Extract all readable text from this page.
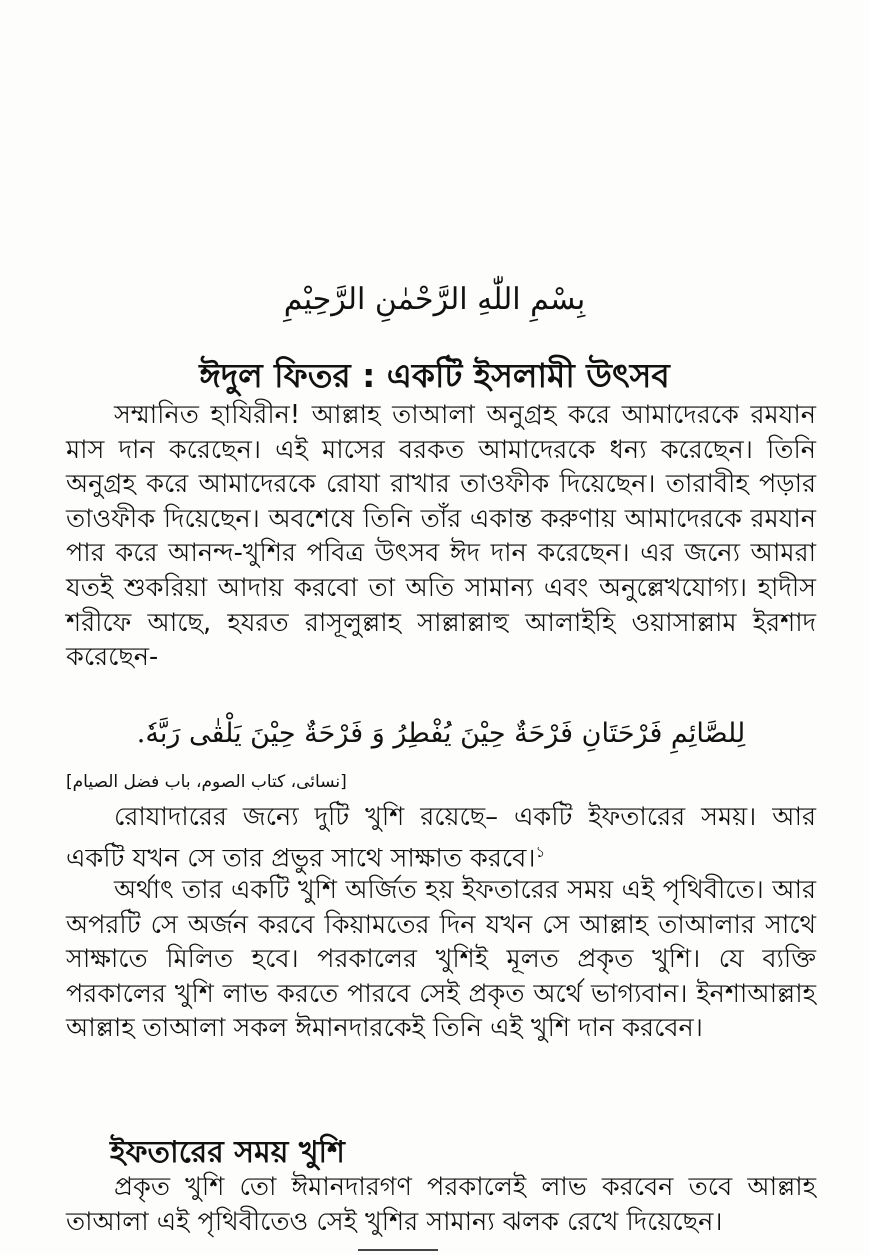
بِسْمِ اللّٰهِ الرَّحْمٰنِ الرَّحِيْمِ
ঈদুল ফিতর : একটি ইসলামী উৎসব

সম্মানিত হাযিরীন! আল্লাহ তাআলা অনুগ্রহ করে আমাদেরকে রমযান মাস দান করেছেন। এই মাসের বরকত আমাদেরকে ধন্য করেছেন। তিনি অনুগ্রহ করে আমাদেরকে রোযা রাখার তাওফীক দিয়েছেন। তারাবীহ পড়ার তাওফীক দিয়েছেন। অবশেষে তিনি তাঁর একান্ত করুণায় আমাদেরকে রমযান পার করে আনন্দ-খুশির পবিত্র উৎসব ঈদ দান করেছেন। এর জন্যে আমরা যতই শুকরিয়া আদায় করবো তা অতি সামান্য এবং অনুল্লেখযোগ্য। হাদীস শরীফে আছে, হযরত রাসূলুল্লাহ সাল্লাল্লাহু আলাইহি ওয়াসাল্লাম ইরশাদ করেছেন-

لِلصَّائِمِ فَرْحَتَانِ فَرْحَةٌ حِيْنَ يُفْطِرُ وَ فَرْحَةٌ حِيْنَ يَلْقٰى رَبَّهٗ.
[نسائی، کتاب الصوم، باب فضل الصیام]

রোযাদারের জন্যে দুটি খুশি রয়েছে– একটি ইফতারের সময়। আর একটি যখন সে তার প্রভুর সাথে সাক্ষাত করবে।$^১$

অর্থাৎ তার একটি খুশি অর্জিত হয় ইফতারের সময় এই পৃথিবীতে। আর অপরটি সে অর্জন করবে কিয়ামতের দিন যখন সে আল্লাহ তাআলার সাথে সাক্ষাতে মিলিত হবে। পরকালের খুশিই মূলত প্রকৃত খুশি। যে ব্যক্তি পরকালের খুশি লাভ করতে পারবে সেই প্রকৃত অর্থে ভাগ্যবান। ইনশাআল্লাহ আল্লাহ তাআলা সকল ঈমানদারকেই তিনি এই খুশি দান করবেন।

ইফতারের সময় খুশি

প্রকৃত খুশি তো ঈমানদারগণ পরকালেই লাভ করবেন তবে আল্লাহ তাআলা এই পৃথিবীতেও সেই খুশির সামান্য ঝলক রেখে দিয়েছেন।
